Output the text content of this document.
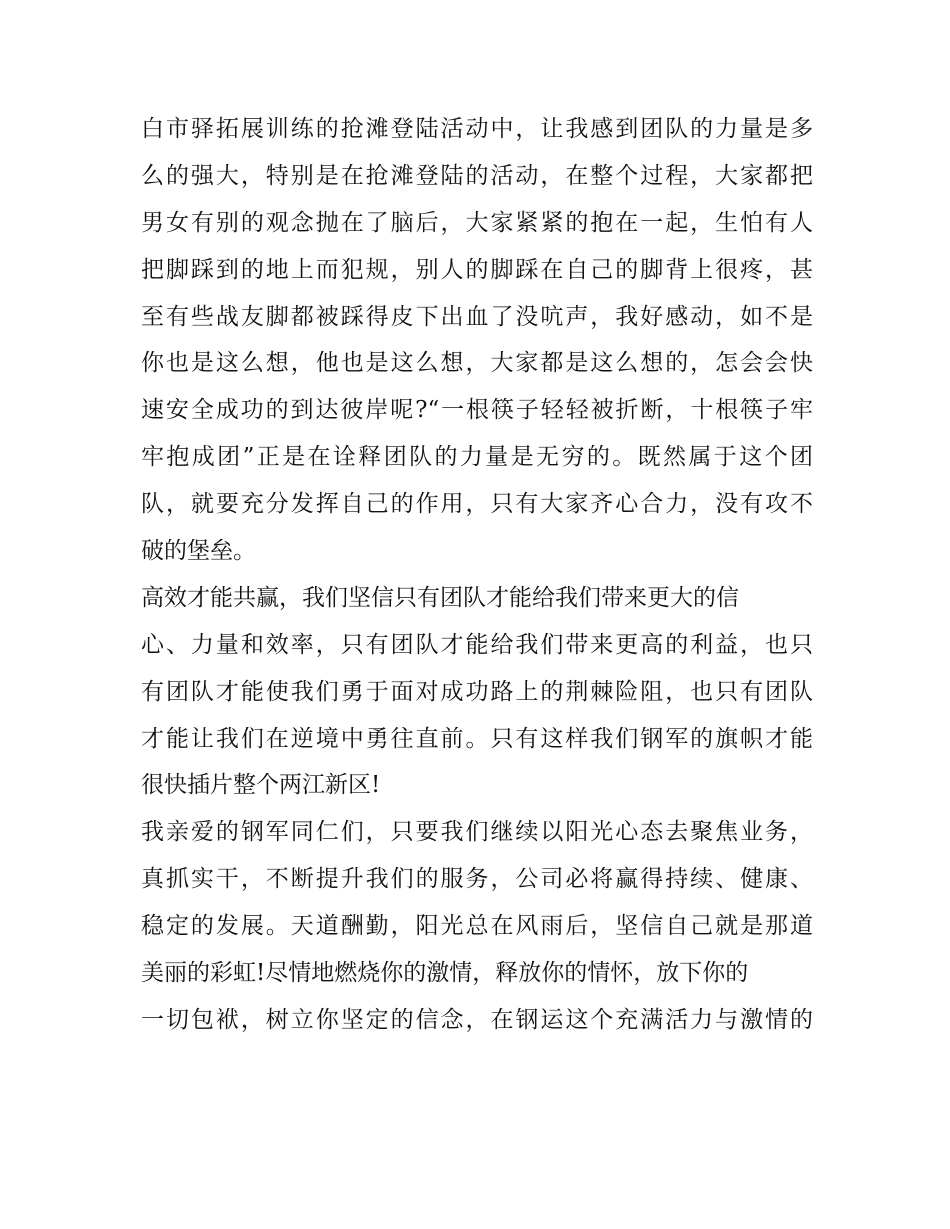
白市驿拓展训练的抢滩登陆活动中，让我感到团队的力量是多
么的强大，特别是在抢滩登陆的活动，在整个过程，大家都把
男女有别的观念抛在了脑后，大家紧紧的抱在一起，生怕有人
把脚踩到的地上而犯规，别人的脚踩在自己的脚背上很疼，甚
至有些战友脚都被踩得皮下出血了没吭声，我好感动，如不是
你也是这么想，他也是这么想，大家都是这么想的，怎会会快
速安全成功的到达彼岸呢?“一根筷子轻轻被折断，十根筷子牢
牢抱成团”正是在诠释团队的力量是无穷的。既然属于这个团
队，就要充分发挥自己的作用，只有大家齐心合力，没有攻不
破的堡垒。
高效才能共赢，我们坚信只有团队才能给我们带来更大的信
心、力量和效率，只有团队才能给我们带来更高的利益，也只
有团队才能使我们勇于面对成功路上的荆棘险阻，也只有团队
才能让我们在逆境中勇往直前。只有这样我们钢军的旗帜才能
很快插片整个两江新区!
我亲爱的钢军同仁们，只要我们继续以阳光心态去聚焦业务，
真抓实干，不断提升我们的服务，公司必将赢得持续、健康、
稳定的发展。天道酬勤，阳光总在风雨后，坚信自己就是那道
美丽的彩虹!尽情地燃烧你的激情，释放你的情怀，放下你的
一切包袱，树立你坚定的信念，在钢运这个充满活力与激情的
